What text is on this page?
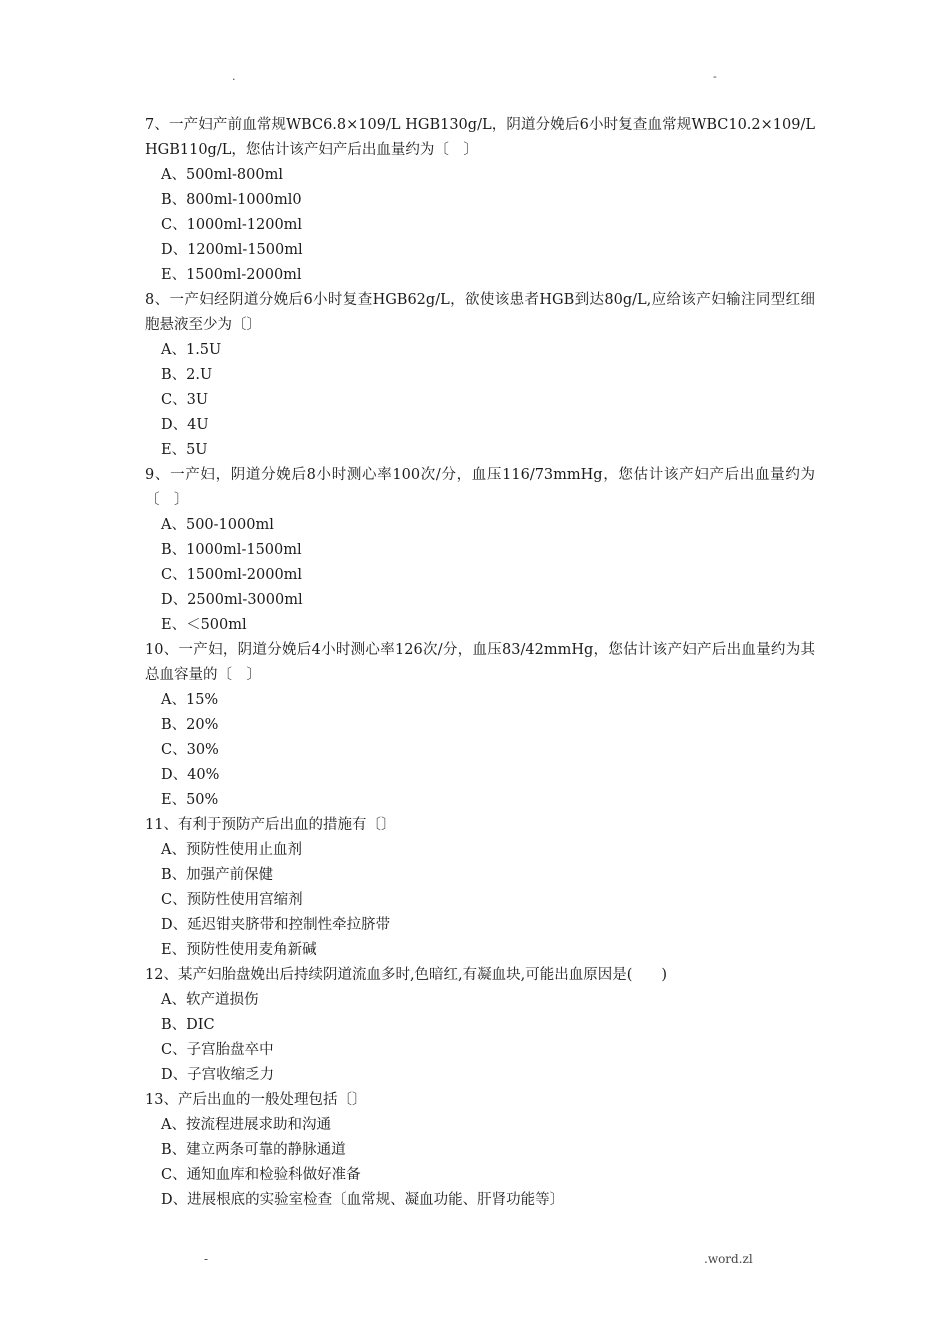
.	-

7、一产妇产前血常规WBC6.8×109/L HGB130g/L，阴道分娩后6小时复查血常规WBC10.2×109/L HGB110g/L，您估计该产妇产后出血量约为〔　〕

A、500ml-800ml
B、800ml-1000ml0
C、1000ml-1200ml
D、1200ml-1500ml
E、1500ml-2000ml

8、一产妇经阴道分娩后6小时复查HGB62g/L，欲使该患者HGB到达80g/L,应给该产妇输注同型红细胞悬液至少为〔〕

A、1.5U
B、2.U
C、3U
D、4U
E、5U

9、一产妇，阴道分娩后8小时测心率100次/分，血压116/73mmHg，您估计该产妇产后出血量约为〔　〕

A、500-1000ml
B、1000ml-1500ml
C、1500ml-2000ml
D、2500ml-3000ml
E、＜500ml

10、一产妇，阴道分娩后4小时测心率126次/分，血压83/42mmHg，您估计该产妇产后出血量约为其总血容量的〔　〕

A、15%
B、20%
C、30%
D、40%
E、50%

11、有利于预防产后出血的措施有〔〕

A、预防性使用止血剂
B、加强产前保健
C、预防性使用宫缩剂
D、延迟钳夹脐带和控制性牵拉脐带
E、预防性使用麦角新碱

12、某产妇胎盘娩出后持续阴道流血多时,色暗红,有凝血块,可能出血原因是(　　)

A、软产道损伤
B、DIC
C、子宫胎盘卒中
D、子宫收缩乏力

13、产后出血的一般处理包括〔〕

A、按流程进展求助和沟通
B、建立两条可靠的静脉通道
C、通知血库和检验科做好准备
D、进展根底的实验室检查〔血常规、凝血功能、肝肾功能等〕
-	.word.zl
